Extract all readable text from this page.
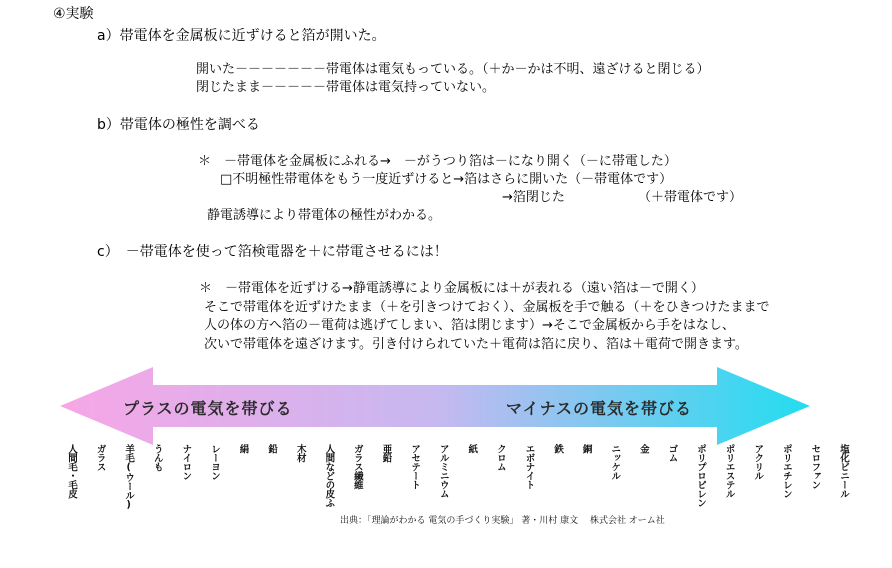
④実験
a）帯電体を金属板に近ずけると箔が開いた。
開いた－－－－－－－帯電体は電気もっている。（＋か－かは不明、遠ざけると閉じる）
閉じたまま－－－－－帯電体は電気持っていない。
b）帯電体の極性を調べる
＊　－帯電体を金属板にふれる→　－がうつり箔は－になり開く（－に帯電した）
□不明極性帯電体をもう一度近ずけると→箔はさらに開いた（－帯電体です）
→箔閉じた	（＋帯電体です）
静電誘導により帯電体の極性がわかる。
c）　－帯電体を使って箔検電器を＋に帯電させるには！
＊　－帯電体を近ずける→静電誘導により金属板には＋が表れる（遠い箔は－で開く）
そこで帯電体を近ずけたまま（＋を引きつけておく）、金属板を手で触る（＋をひきつけたままで
人の体の方へ箔の－電荷は逃げてしまい、箔は閉じます）→そこで金属板から手をはなし、
次いで帯電体を遠ざけます。引き付けられていた＋電荷は箔に戻り、箔は＋電荷で開きます。
プラスの電気を帯びる	マイナスの電気を帯びる
人間毛・毛皮 ガラス 羊毛(ウール) うんも ナイロン レーヨン 絹 鉛 木材 人間などの皮ふ ガラス繊維 亜鉛 アセテート アルミニウム 紙 クロム エボナイト 鉄 銅 ニッケル 金 ゴム ポリプロピレン ポリエステル アクリル ポリエチレン セロファン 塩化ビニール
出典：「理論がわかる 電気の手づくり実験」 著・川村 康文　 株式会社 オーム社
